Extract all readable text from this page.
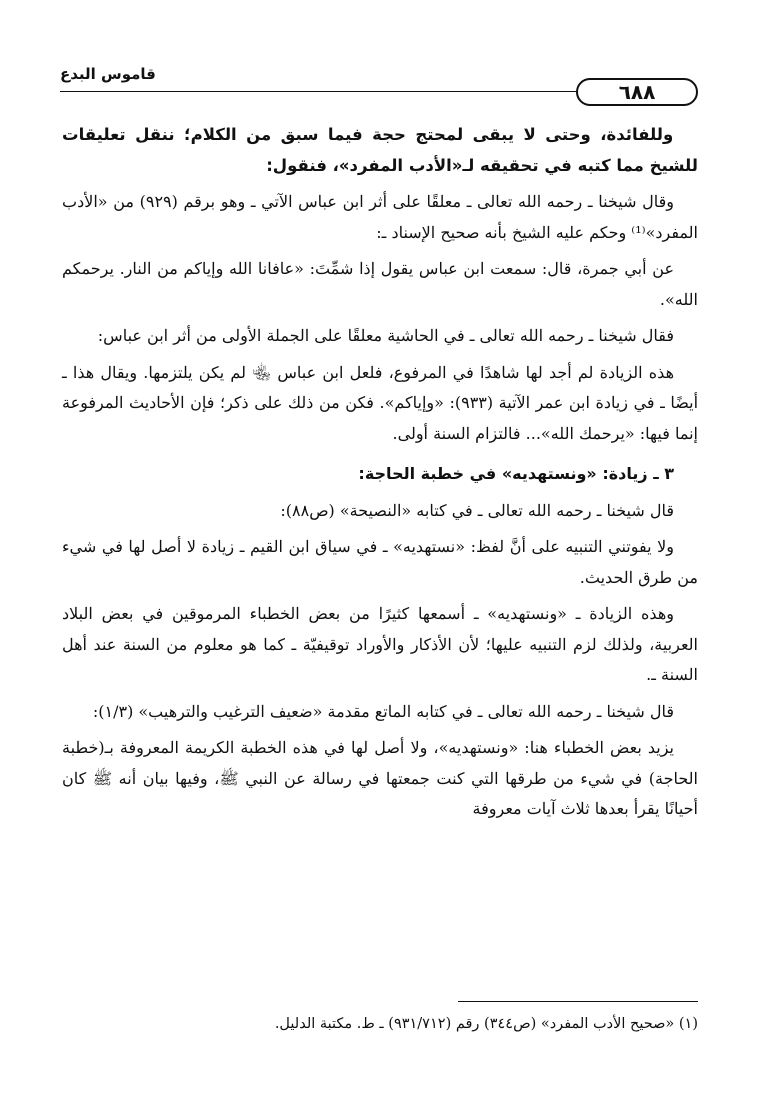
قاموس البدع
٦٨٨

وللفائدة، وحتى لا يبقى لمحتج حجة فيما سبق من الكلام؛ ننقل تعليقات للشيخ مما كتبه في تحقيقه لـ«الأدب المفرد»، فنقول:

وقال شيخنا ـ رحمه الله تعالى ـ معلقًا على أثر ابن عباس الآتي ـ وهو برقم (٩٢٩) من «الأدب المفرد»⁽¹⁾ وحكم عليه الشيخ بأنه صحيح الإسناد ـ:

عن أبي جمرة، قال: سمعت ابن عباس يقول إذا شمِّتَ: «عافانا الله وإياكم من النار. يرحمكم الله».

فقال شيخنا ـ رحمه الله تعالى ـ في الحاشية معلقًا على الجملة الأولى من أثر ابن عباس:

هذه الزيادة لم أجد لها شاهدًا في المرفوع، فلعل ابن عباس ﵄ لم يكن يلتزمها. ويقال هذا ـ أيضًا ـ في زيادة ابن عمر الآتية (٩٣٣): «وإياكم». فكن من ذلك على ذكر؛ فإن الأحاديث المرفوعة إنما فيها: «يرحمك الله»... فالتزام السنة أولى.

٣ ـ زيادة: «ونستهديه» في خطبة الحاجة:

قال شيخنا ـ رحمه الله تعالى ـ في كتابه «النصيحة» (ص٨٨):

ولا يفوتني التنبيه على أنَّ لفظ: «نستهديه» ـ في سياق ابن القيم ـ زيادة لا أصل لها في شيء من طرق الحديث.

وهذه الزيادة ـ «ونستهديه» ـ أسمعها كثيرًا من بعض الخطباء المرموقين في بعض البلاد العربية، ولذلك لزم التنبيه عليها؛ لأن الأذكار والأوراد توقيفيّة ـ كما هو معلوم من السنة عند أهل السنة ـ.

قال شيخنا ـ رحمه الله تعالى ـ في كتابه الماتع مقدمة «ضعيف الترغيب والترهيب» (١/٣):

يزيد بعض الخطباء هنا: «ونستهديه»، ولا أصل لها في هذه الخطبة الكريمة المعروفة بـ(خطبة الحاجة) في شيء من طرقها التي كنت جمعتها في رسالة عن النبي ﷺ، وفيها بيان أنه ﷺ كان أحيانًا يقرأ بعدها ثلاث آيات معروفة

(١) «صحيح الأدب المفرد» (ص٣٤٤) رقم (٩٣١/٧١٢) ـ ط. مكتبة الدليل.
